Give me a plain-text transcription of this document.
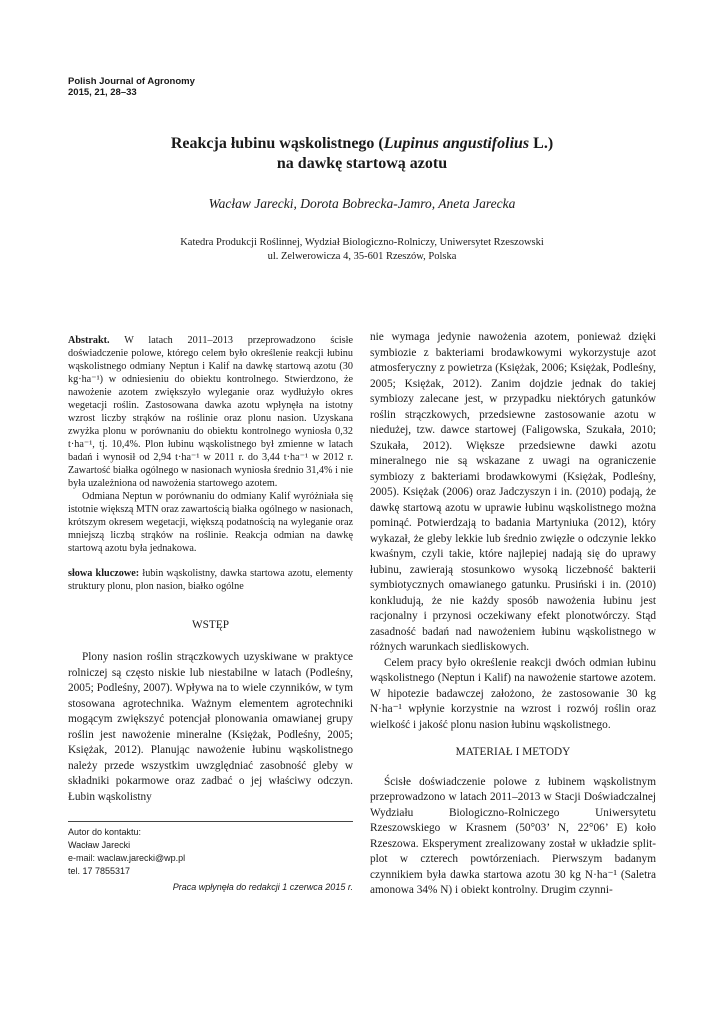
Polish Journal of Agronomy
2015, 21, 28–33
Reakcja łubinu wąskolistnego (Lupinus angustifolius L.)
na dawkę startową azotu
Wacław Jarecki, Dorota Bobrecka-Jamro, Aneta Jarecka
Katedra Produkcji Roślinnej, Wydział Biologiczno-Rolniczy, Uniwersytet Rzeszowski
ul. Zelwerowicza 4, 35-601 Rzeszów, Polska

Abstrakt. W latach 2011–2013 przeprowadzono ścisłe doświadczenie polowe, którego celem było określenie reakcji łubinu wąskolistnego odmiany Neptun i Kalif na dawkę startową azotu (30 kg·ha⁻¹) w odniesieniu do obiektu kontrolnego. Stwierdzono, że nawożenie azotem zwiększyło wyleganie oraz wydłużyło okres wegetacji roślin. Zastosowana dawka azotu wpłynęła na istotny wzrost liczby strąków na roślinie oraz plonu nasion. Uzyskana zwyżka plonu w porównaniu do obiektu kontrolnego wyniosła 0,32 t·ha⁻¹, tj. 10,4%. Plon łubinu wąskolistnego był zmienne w latach badań i wynosił od 2,94 t·ha⁻¹ w 2011 r. do 3,44 t·ha⁻¹ w 2012 r. Zawartość białka ogólnego w nasionach wyniosła średnio 31,4% i nie była uzależniona od nawożenia startowego azotem.

Odmiana Neptun w porównaniu do odmiany Kalif wyróżniała się istotnie większą MTN oraz zawartością białka ogólnego w nasionach, krótszym okresem wegetacji, większą podatnością na wyleganie oraz mniejszą liczbą strąków na roślinie. Reakcja odmian na dawkę startową azotu była jednakowa.

słowa kluczowe: łubin wąskolistny, dawka startowa azotu, elementy struktury plonu, plon nasion, białko ogólne

WSTĘP

Plony nasion roślin strączkowych uzyskiwane w praktyce rolniczej są często niskie lub niestabilne w latach (Podleśny, 2005; Podleśny, 2007). Wpływa na to wiele czynników, w tym stosowana agrotechnika. Ważnym elementem agrotechniki mogącym zwiększyć potencjał plonowania omawianej grupy roślin jest nawożenie mineralne (Księżak, Podleśny, 2005; Księżak, 2012). Planując nawożenie łubinu wąskolistnego należy przede wszystkim uwzględniać zasobność gleby w składniki pokarmowe oraz zadbać o jej właściwy odczyn. Łubin wąskolistny

Autor do kontaktu:
Wacław Jarecki
e-mail: waclaw.jarecki@wp.pl
tel. 17 7855317
Praca wpłynęła do redakcji 1 czerwca 2015 r.

nie wymaga jedynie nawożenia azotem, ponieważ dzięki symbiozie z bakteriami brodawkowymi wykorzystuje azot atmosferyczny z powietrza (Księżak, 2006; Księżak, Podleśny, 2005; Księżak, 2012). Zanim dojdzie jednak do takiej symbiozy zalecane jest, w przypadku niektórych gatunków roślin strączkowych, przedsiewne zastosowanie azotu w niedużej, tzw. dawce startowej (Faligowska, Szukała, 2010; Szukała, 2012). Większe przedsiewne dawki azotu mineralnego nie są wskazane z uwagi na ograniczenie symbiozy z bakteriami brodawkowymi (Księżak, Podleśny, 2005). Księżak (2006) oraz Jadczyszyn i in. (2010) podają, że dawkę startową azotu w uprawie łubinu wąskolistnego można pominąć. Potwierdzają to badania Martyniuka (2012), który wykazał, że gleby lekkie lub średnio zwięzłe o odczynie lekko kwaśnym, czyli takie, które najlepiej nadają się do uprawy łubinu, zawierają stosunkowo wysoką liczebność bakterii symbiotycznych omawianego gatunku. Prusiński i in. (2010) konkludują, że nie każdy sposób nawożenia łubinu jest racjonalny i przynosi oczekiwany efekt plonotwórczy. Stąd zasadność badań nad nawożeniem łubinu wąskolistnego w różnych warunkach siedliskowych.

Celem pracy było określenie reakcji dwóch odmian łubinu wąskolistnego (Neptun i Kalif) na nawożenie startowe azotem. W hipotezie badawczej założono, że zastosowanie 30 kg N·ha⁻¹ wpłynie korzystnie na wzrost i rozwój roślin oraz wielkość i jakość plonu nasion łubinu wąskolistnego.

MATERIAŁ I METODY

Ścisłe doświadczenie polowe z łubinem wąskolistnym przeprowadzono w latach 2011–2013 w Stacji Doświadczalnej Wydziału Biologiczno-Rolniczego Uniwersytetu Rzeszowskiego w Krasnem (50°03’ N, 22°06’ E) koło Rzeszowa. Eksperyment zrealizowany został w układzie split-plot w czterech powtórzeniach. Pierwszym badanym czynnikiem była dawka startowa azotu 30 kg N·ha⁻¹ (Saletra amonowa 34% N) i obiekt kontrolny. Drugim czynni-
